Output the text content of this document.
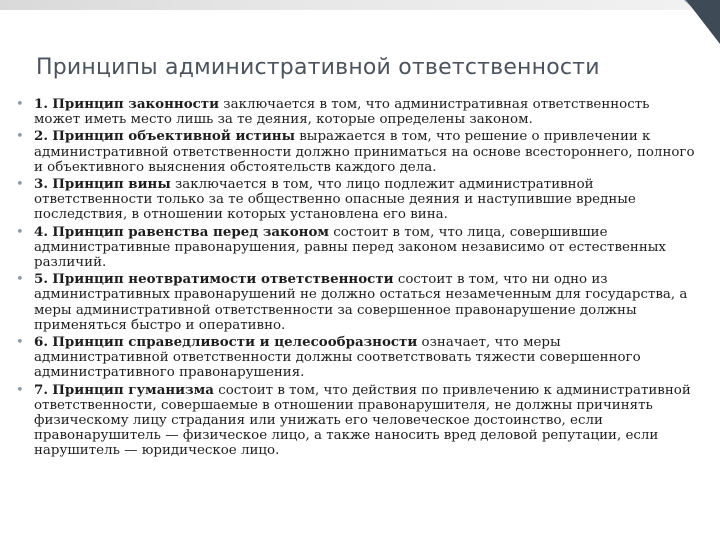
Принципы административной ответственности
• 1. Принцип законности заключается в том, что административная ответственность может иметь место лишь за те деяния, которые определены законом.
• 2. Принцип объективной истины выражается в том, что решение о привлечении к административной ответственности должно приниматься на основе всестороннего, полного и объективного выяснения обстоятельств каждого дела.
• 3. Принцип вины заключается в том, что лицо подлежит административной ответственности только за те общественно опасные деяния и наступившие вредные последствия, в отношении которых установлена его вина.
• 4. Принцип равенства перед законом состоит в том, что лица, совершившие административные правонарушения, равны перед законом независимо от естественных различий.
• 5. Принцип неотвратимости ответственности состоит в том, что ни одно из административных правонарушений не должно остаться незамеченным для государства, а меры административной ответственности за совершенное правонарушение должны применяться быстро и оперативно.
• 6. Принцип справедливости и целесообразности означает, что меры административной ответственности должны соответствовать тяжести совершенного административного правонарушения.
• 7. Принцип гуманизма состоит в том, что действия по привлечению к административной ответственности, совершаемые в отношении правонарушителя, не должны причинять физическому лицу страдания или унижать его человеческое достоинство, если правонарушитель — физическое лицо, а также наносить вред деловой репутации, если нарушитель — юридическое лицо.
